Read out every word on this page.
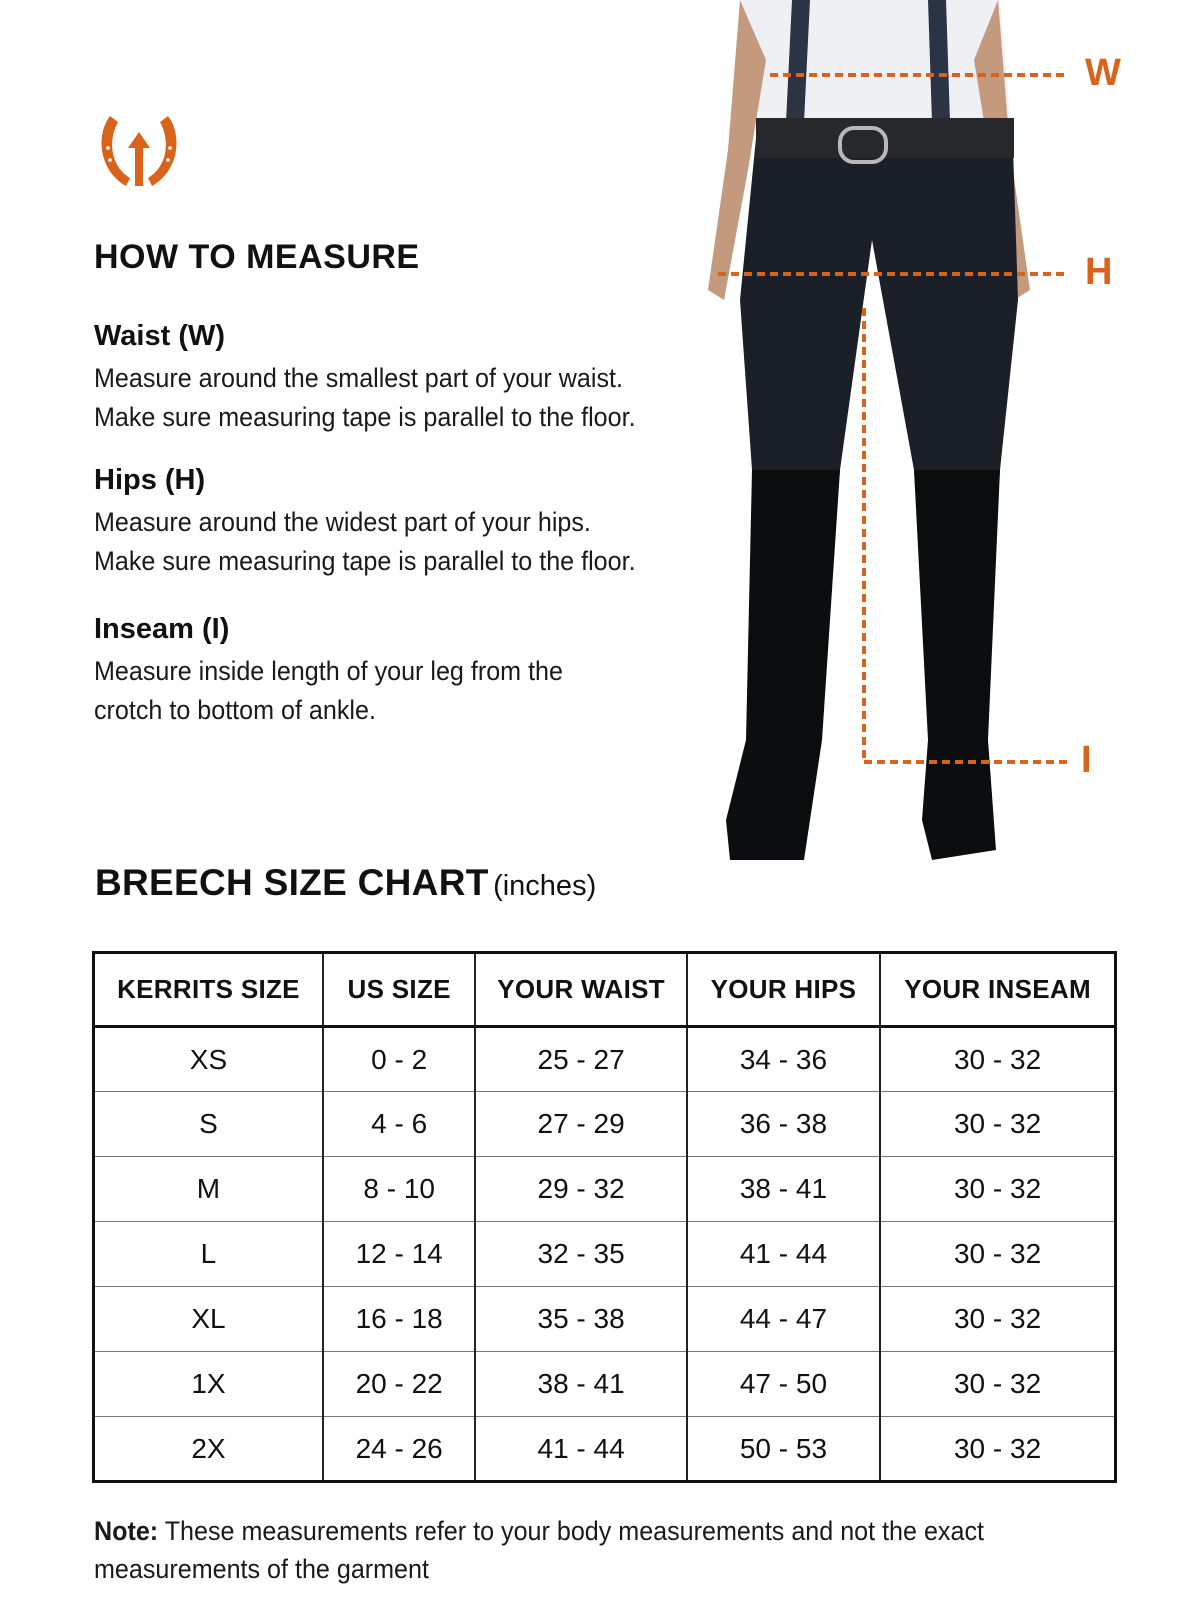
HOW TO MEASURE
Waist (W)
Measure around the smallest part of your waist.
Make sure measuring tape is parallel to the floor.
Hips (H)
Measure around the widest part of your hips.
Make sure measuring tape is parallel to the floor.
Inseam (I)
Measure inside length of your leg from the
crotch to bottom of ankle.
W
H
I
BREECH SIZE CHART (inches)
KERRITS SIZE	US SIZE	YOUR WAIST	YOUR HIPS	YOUR INSEAM
XS	0 - 2	25 - 27	34 - 36	30 - 32
S	4 - 6	27 - 29	36 - 38	30 - 32
M	8 - 10	29 - 32	38 - 41	30 - 32
L	12 - 14	32 - 35	41 - 44	30 - 32
XL	16 - 18	35 - 38	44 - 47	30 - 32
1X	20 - 22	38 - 41	47 - 50	30 - 32
2X	24 - 26	41 - 44	50 - 53	30 - 32
Note: These measurements refer to your body measurements and not the exact
measurements of the garment
